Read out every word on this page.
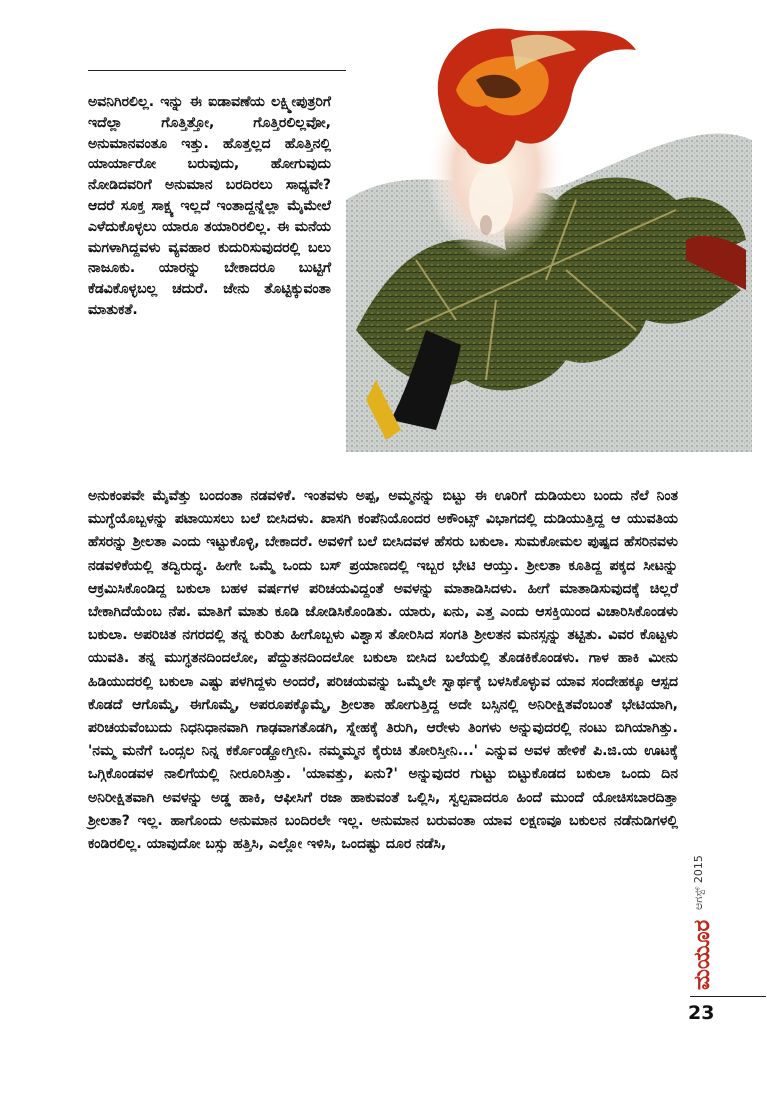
ಅವನಿಗಿರಲಿಲ್ಲ. ಇನ್ನು ಈ ಐಡಾವಣೆಯ ಲಕ್ಷ್ಮೀಪುತ್ರರಿಗೆ ಇದೆಲ್ಲಾ ಗೊತ್ತಿತ್ತೋ, ಗೊತ್ತಿರಲಿಲ್ಲವೋ, ಅನುಮಾನವಂತೂ ಇತ್ತು. ಹೊತ್ತಲ್ಲದ ಹೊತ್ತಿನಲ್ಲಿ ಯಾರ್ಯಾರೋ ಬರುವುದು, ಹೋಗುವುದು ನೋಡಿದವರಿಗೆ ಅನುಮಾನ ಬರದಿರಲು ಸಾಧ್ಯವೇ? ಆದರೆ ಸೂಕ್ತ ಸಾಕ್ಷ್ಯ ಇಲ್ಲದೆ ಇಂತಾದ್ದನ್ನೆಲ್ಲಾ ಮೈಮೇಲೆ ಎಳೆದುಕೊಳ್ಳಲು ಯಾರೂ ತಯಾರಿರಲಿಲ್ಲ. ಈ ಮನೆಯ ಮಗಳಾಗಿದ್ದವಳು ವ್ಯವಹಾರ ಕುದುರಿಸುವುದರಲ್ಲಿ ಬಲು ನಾಜೂಕು. ಯಾರನ್ನು ಬೇಕಾದರೂ ಬುಟ್ಟಿಗೆ ಕೆಡವಿಕೊಳ್ಳಬಲ್ಲ ಚದುರೆ. ಜೇನು ತೊಟ್ಟಿಕ್ಕುವಂತಾ ಮಾತುಕತೆ.

ಅನುಕಂಪವೇ ಮೈವೆತ್ತು ಬಂದಂತಾ ನಡವಳಿಕೆ. ಇಂತವಳು ಅಪ್ಪ, ಅಮ್ಮನನ್ನು ಬಿಟ್ಟು ಈ ಊರಿಗೆ ದುಡಿಯಲು ಬಂದು ನೆಲೆ ನಿಂತ ಮುಗ್ಧೆಯೊಬ್ಬಳನ್ನು ಪಟಾಯಿಸಲು ಬಲೆ ಬೀಸಿದಳು. ಖಾಸಗಿ ಕಂಪೆನಿಯೊಂದರ ಅಕೌಂಟ್ಸ್ ವಿಭಾಗದಲ್ಲಿ ದುಡಿಯುತ್ತಿದ್ದ ಆ ಯುವತಿಯ ಹೆಸರನ್ನು ಶ್ರೀಲತಾ ಎಂದು ಇಟ್ಟುಕೊಳ್ಳಿ, ಬೇಕಾದರೆ. ಅವಳಿಗೆ ಬಲೆ ಬೀಸಿದವಳ ಹೆಸರು ಬಕುಲಾ. ಸುಮಕೋಮಲ ಪುಷ್ಪದ ಹೆಸರಿನವಳು ನಡವಳಿಕೆಯಲ್ಲಿ ತದ್ವಿರುದ್ಧ. ಹೀಗೇ ಒಮ್ಮೆ ಒಂದು ಬಸ್ ಪ್ರಯಾಣದಲ್ಲಿ ಇಬ್ಬರ ಭೇಟಿ ಆಯ್ತು. ಶ್ರೀಲತಾ ಕೂತಿದ್ದ ಪಕ್ಕದ ಸೀಟನ್ನು ಆಕ್ರಮಿಸಿಕೊಂಡಿದ್ದ ಬಕುಲಾ ಬಹಳ ವರ್ಷಗಳ ಪರಿಚಯವಿದ್ದಂತೆ ಅವಳನ್ನು ಮಾತಾಡಿಸಿದಳು. ಹೀಗೆ ಮಾತಾಡಿಸುವುದಕ್ಕೆ ಚಿಲ್ಲರೆ ಬೇಕಾಗಿದೆಯೆಂಬ ನೆಪ. ಮಾತಿಗೆ ಮಾತು ಕೂಡಿ ಜೋಡಿಸಿಕೊಂಡಿತು. ಯಾರು, ಏನು, ಎತ್ತ ಎಂದು ಆಸಕ್ತಿಯಿಂದ ವಿಚಾರಿಸಿಕೊಂಡಳು ಬಕುಲಾ. ಅಪರಿಚಿತ ನಗರದಲ್ಲಿ ತನ್ನ ಕುರಿತು ಹೀಗೊಬ್ಬಳು ವಿಶ್ವಾಸ ತೋರಿಸಿದ ಸಂಗತಿ ಶ್ರೀಲತನ ಮನಸ್ಸನ್ನು ತಟ್ಟಿತು. ವಿವರ ಕೊಟ್ಟಳು ಯುವತಿ. ತನ್ನ ಮುಗ್ಧತನದಿಂದಲೋ, ಪೆದ್ದುತನದಿಂದಲೋ ಬಕುಲಾ ಬೀಸಿದ ಬಲೆಯಲ್ಲಿ ತೊಡಕಿಕೊಂಡಳು. ಗಾಳ ಹಾಕಿ ಮೀನು ಹಿಡಿಯುದರಲ್ಲಿ ಬಕುಲಾ ಎಷ್ಟು ಪಳಗಿದ್ದಳು ಅಂದರೆ, ಪರಿಚಯವನ್ನು ಒಮ್ಮೆಲೇ ಸ್ವಾರ್ಥಕ್ಕೆ ಬಳಸಿಕೊಳ್ಳುವ ಯಾವ ಸಂದೇಹಕ್ಕೂ ಆಸ್ಪದ ಕೊಡದೆ ಆಗೊಮ್ಮೆ, ಈಗೊಮ್ಮೆ, ಅಪರೂಪಕ್ಕೊಮ್ಮೆ, ಶ್ರೀಲತಾ ಹೋಗುತ್ತಿದ್ದ ಅದೇ ಬಸ್ಸಿನಲ್ಲಿ ಅನಿರೀಕ್ಷಿತವೆಂಬಂತೆ ಭೇಟಿಯಾಗಿ, ಪರಿಚಯವೆಂಬುದು ನಿಧನಿಧಾನವಾಗಿ ಗಾಢವಾಗತೊಡಗಿ, ಸ್ನೇಹಕ್ಕೆ ತಿರುಗಿ, ಆರೇಳು ತಿಂಗಳು ಅನ್ನುವುದರಲ್ಲಿ ನಂಟು ಬಿಗಿಯಾಗಿತ್ತು. 'ನಮ್ಮ ಮನೆಗೆ ಒಂದ್ಸಲ ನಿನ್ನ ಕರ್ಕೊಂಡ್ಹೋಗ್ತೀನಿ. ನಮ್ಮಮ್ಮನ ಕೈರುಚಿ ತೋರಿಸ್ತೀನಿ...' ಎನ್ನುವ ಅವಳ ಹೇಳಿಕೆ ಪಿ.ಜಿ.ಯ ಊಟಕ್ಕೆ ಒಗ್ಗಿಕೊಂಡವಳ ನಾಲಿಗೆಯಲ್ಲಿ ನೀರೂರಿಸಿತ್ತು. 'ಯಾವತ್ತು, ಏನು?' ಅನ್ನುವುದರ ಗುಟ್ಟು ಬಿಟ್ಟುಕೊಡದ ಬಕುಲಾ ಒಂದು ದಿನ ಅನಿರೀಕ್ಷಿತವಾಗಿ ಅವಳನ್ನು ಅಡ್ಡ ಹಾಕಿ, ಆಫೀಸಿಗೆ ರಜಾ ಹಾಕುವಂತೆ ಒಲ್ಲಿಸಿ, ಸ್ವಲ್ಪವಾದರೂ ಹಿಂದೆ ಮುಂದೆ ಯೋಚಿಸಬಾರದಿತ್ತಾ ಶ್ರೀಲತಾ? ಇಲ್ಲ. ಹಾಗೊಂದು ಅನುಮಾನ ಬಂದಿರಲೇ ಇಲ್ಲ. ಅನುಮಾನ ಬರುವಂತಾ ಯಾವ ಲಕ್ಷಣವೂ ಬಕುಲನ ನಡೆನುಡಿಗಳಲ್ಲಿ ಕಂಡಿರಲಿಲ್ಲ. ಯಾವುದೋ ಬಸ್ಸು ಹತ್ತಿಸಿ, ಎಲ್ಲೋ ಇಳಿಸಿ, ಒಂದಷ್ಟು ದೂರ ನಡೆಸಿ,

ಆಗಸ್ಟ್ 2015
ಮಯೂರ
23
